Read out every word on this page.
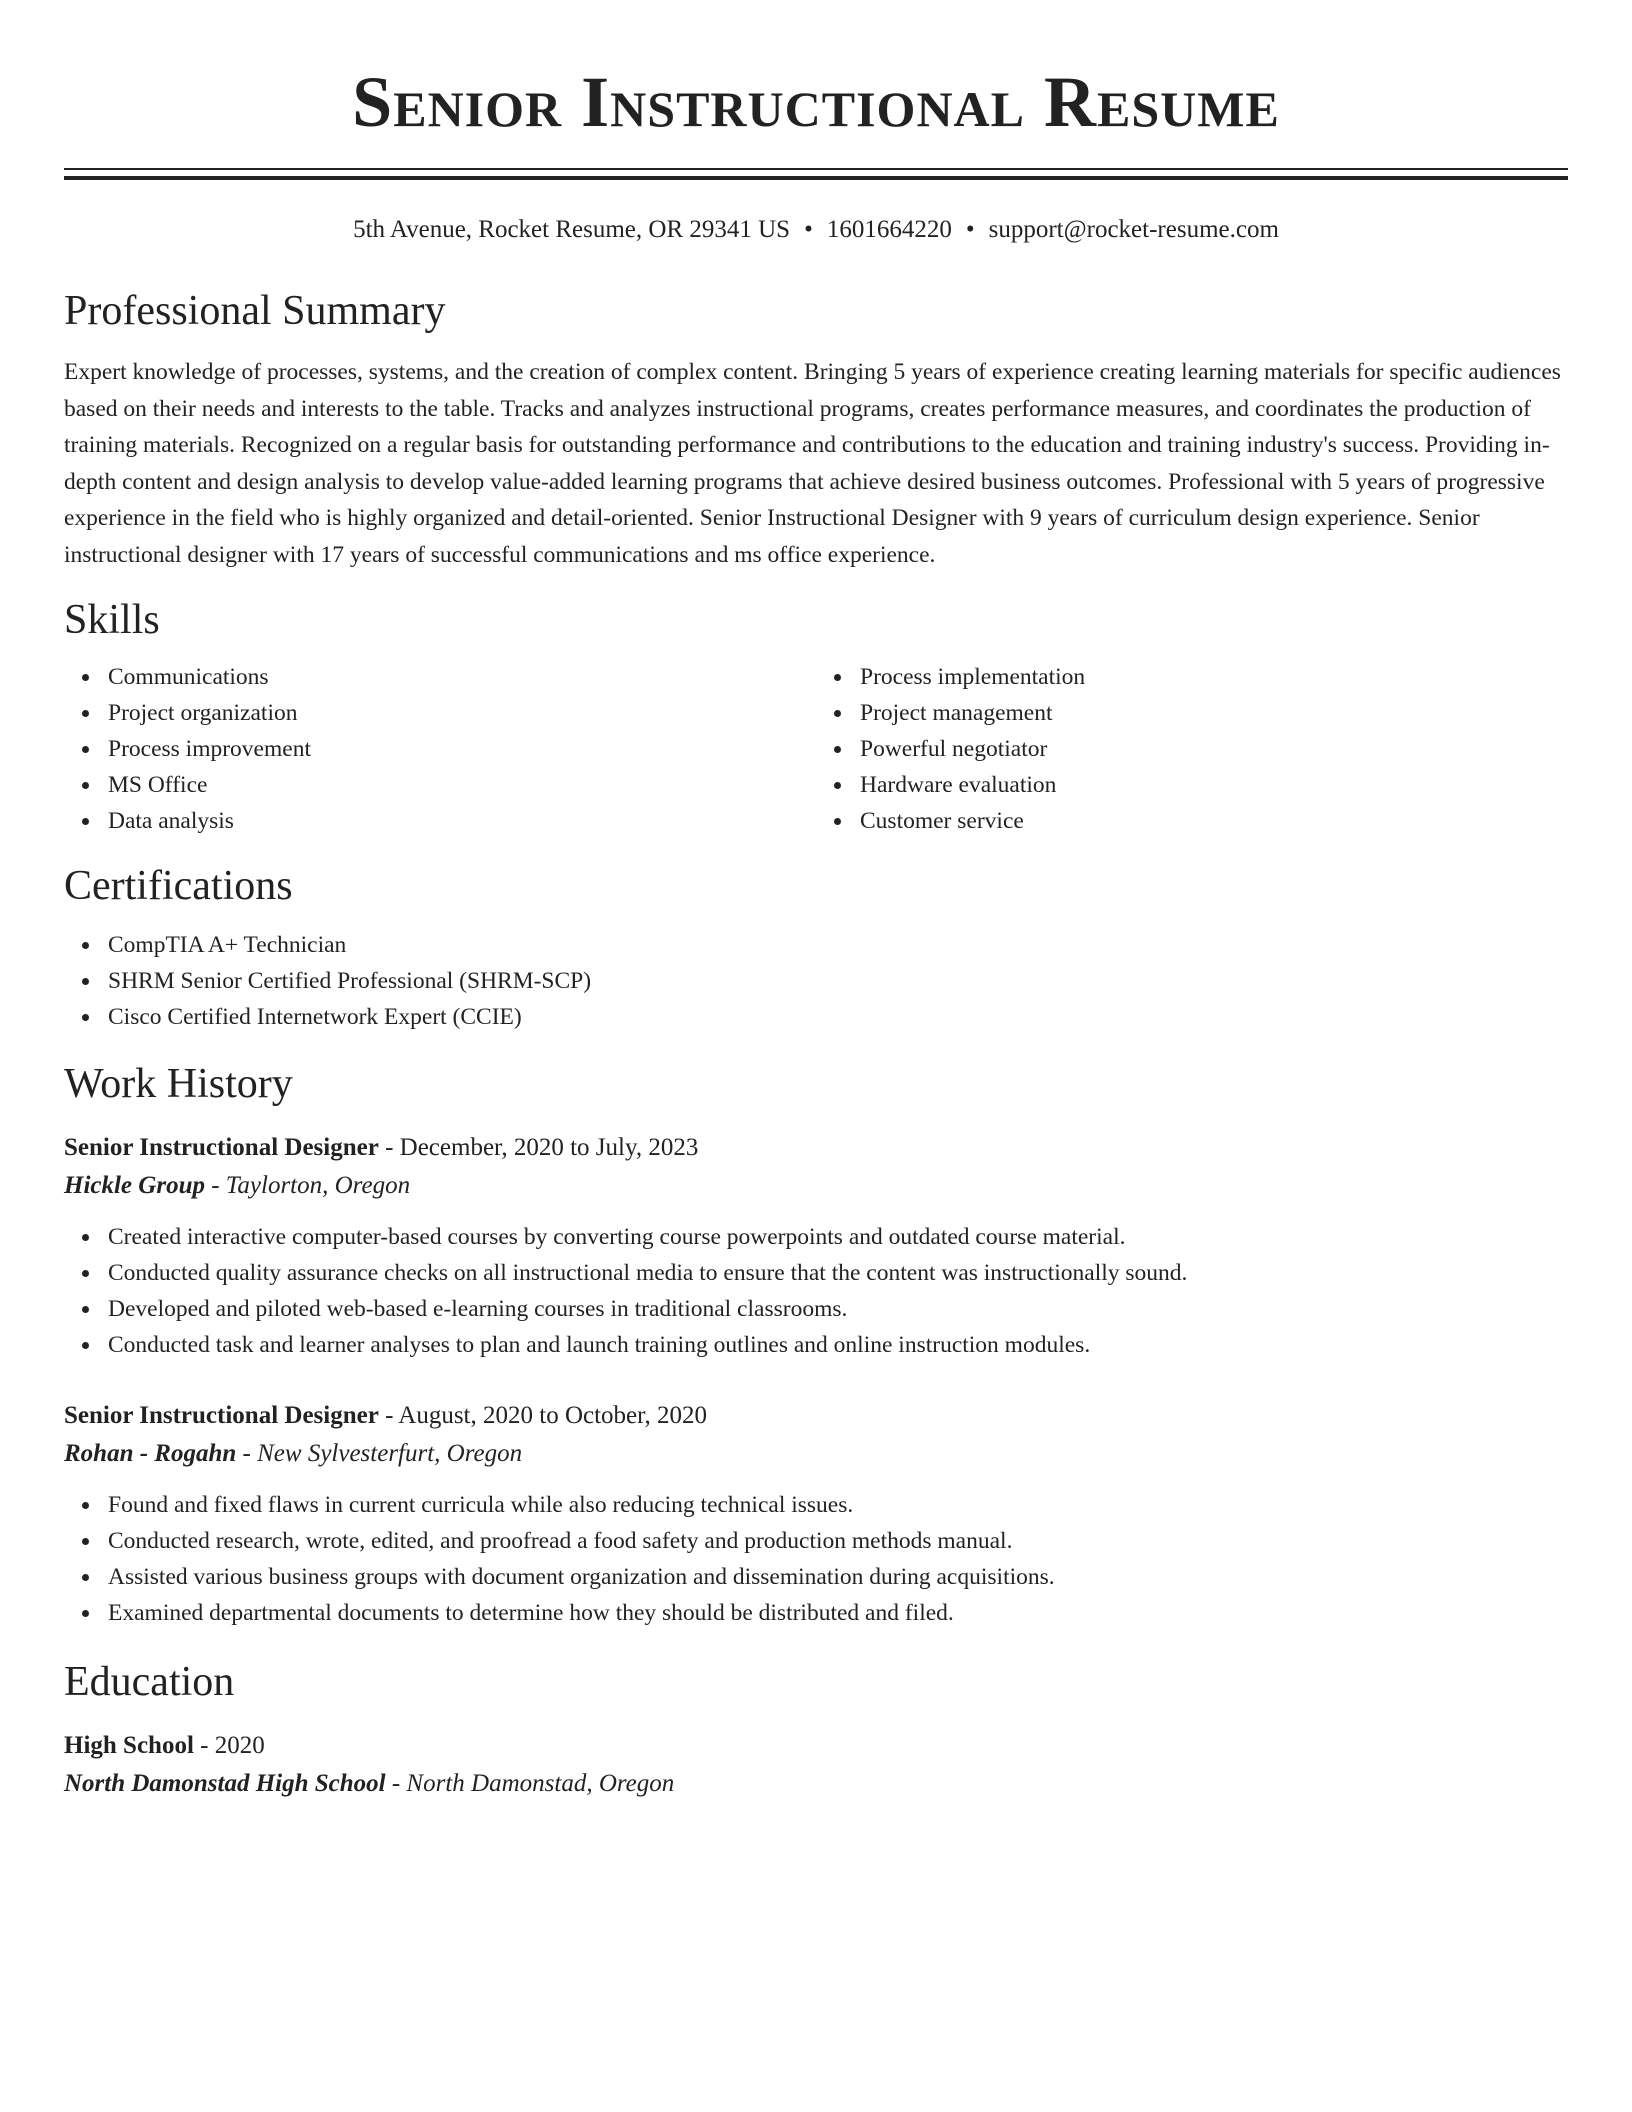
Senior Instructional Resume
5th Avenue, Rocket Resume, OR 29341 US • 1601664220 • support@rocket-resume.com
Professional Summary
Expert knowledge of processes, systems, and the creation of complex content. Bringing 5 years of experience creating learning materials for specific audiences based on their needs and interests to the table. Tracks and analyzes instructional programs, creates performance measures, and coordinates the production of training materials. Recognized on a regular basis for outstanding performance and contributions to the education and training industry's success. Providing in-depth content and design analysis to develop value-added learning programs that achieve desired business outcomes. Professional with 5 years of progressive experience in the field who is highly organized and detail-oriented. Senior Instructional Designer with 9 years of curriculum design experience. Senior instructional designer with 17 years of successful communications and ms office experience.
Skills
Communications
Project organization
Process improvement
MS Office
Data analysis
Process implementation
Project management
Powerful negotiator
Hardware evaluation
Customer service
Certifications
CompTIA A+ Technician
SHRM Senior Certified Professional (SHRM-SCP)
Cisco Certified Internetwork Expert (CCIE)
Work History
Senior Instructional Designer - December, 2020 to July, 2023
Hickle Group - Taylorton, Oregon
Created interactive computer-based courses by converting course powerpoints and outdated course material.
Conducted quality assurance checks on all instructional media to ensure that the content was instructionally sound.
Developed and piloted web-based e-learning courses in traditional classrooms.
Conducted task and learner analyses to plan and launch training outlines and online instruction modules.
Senior Instructional Designer - August, 2020 to October, 2020
Rohan - Rogahn - New Sylvesterfurt, Oregon
Found and fixed flaws in current curricula while also reducing technical issues.
Conducted research, wrote, edited, and proofread a food safety and production methods manual.
Assisted various business groups with document organization and dissemination during acquisitions.
Examined departmental documents to determine how they should be distributed and filed.
Education
High School - 2020
North Damonstad High School - North Damonstad, Oregon
